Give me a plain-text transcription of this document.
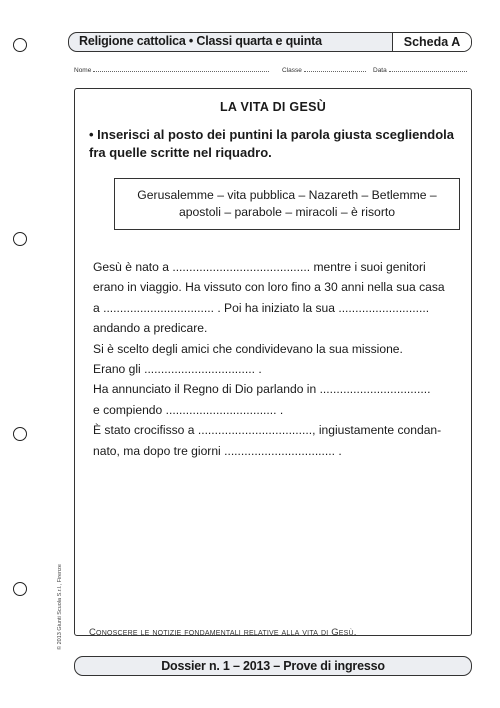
Religione cattolica • Classi quarta e quinta	Scheda A
Nome	Classe	Data
© 2013 Giunti Scuola S.r.l., Firenze
LA VITA DI GESÙ
• Inserisci al posto dei puntini la parola giusta scegliendola fra quelle scritte nel riquadro.
Gerusalemme – vita pubblica – Nazareth – Betlemme –
apostoli – parabole – miracoli – è risorto
Gesù è nato a ......................................... mentre i suoi genitori
erano in viaggio. Ha vissuto con loro fino a 30 anni nella sua casa
a ................................. . Poi ha iniziato la sua ...........................
andando a predicare.
Si è scelto degli amici che condividevano la sua missione.
Erano gli ................................. .
Ha annunciato il Regno di Dio parlando in .................................
e compiendo ................................. .
È stato crocifisso a .................................., ingiustamente condan-
nato, ma dopo tre giorni ................................. .
Conoscere le notizie fondamentali relative alla vita di Gesù.
Dossier n. 1 – 2013 – Prove di ingresso
